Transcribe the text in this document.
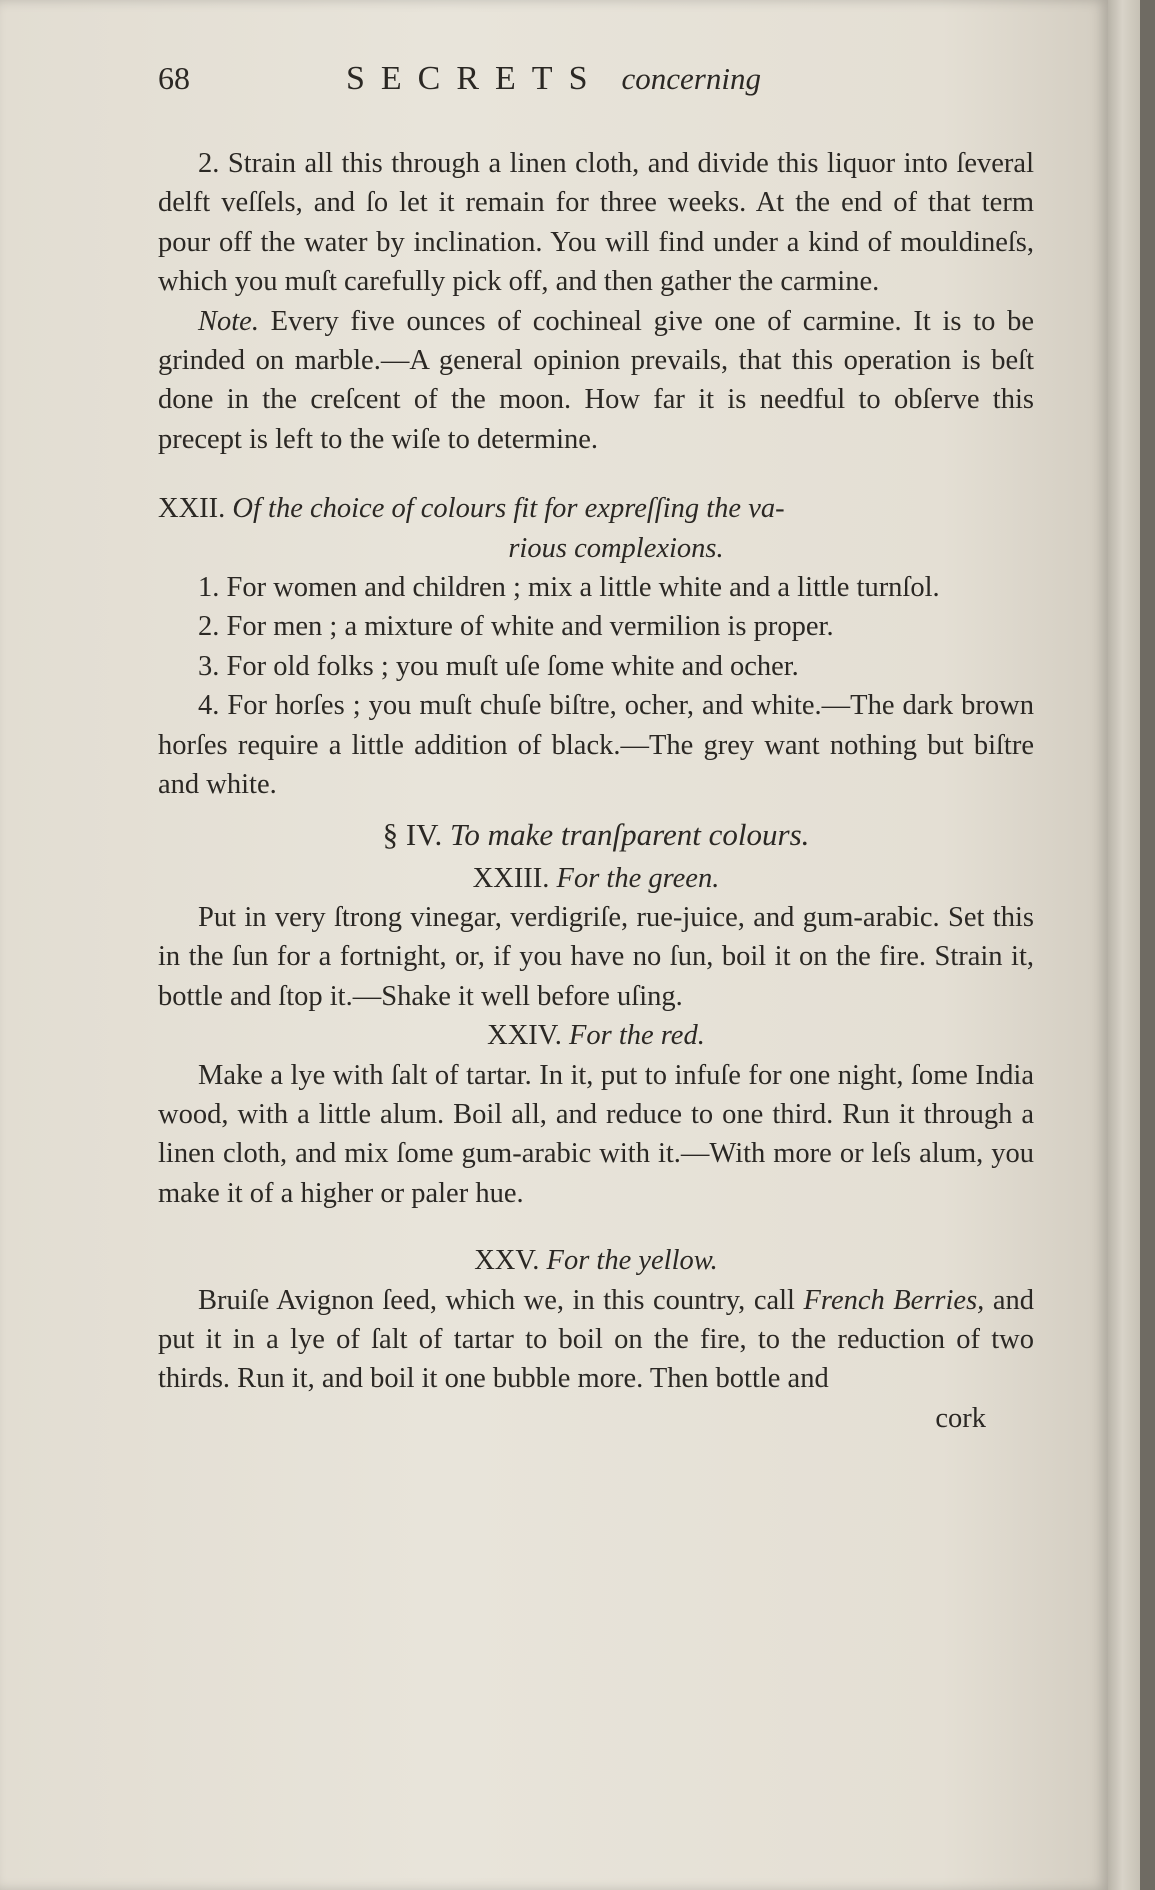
68	SECRETS concerning

2. Strain all this through a linen cloth, and divide this liquor into ſeveral delft veſſels, and ſo let it remain for three weeks. At the end of that term pour off the water by inclination. You will find under a kind of mouldineſs, which you muſt carefully pick off, and then gather the carmine.

Note. Every five ounces of cochineal give one of carmine. It is to be grinded on marble.—A general opinion prevails, that this operation is beſt done in the creſcent of the moon. How far it is needful to obſerve this precept is left to the wiſe to determine.

XXII. Of the choice of colours fit for expreſſing the va-

rious complexions.

1. For women and children ; mix a little white and a little turnſol.

2. For men ; a mixture of white and vermilion is proper.

3. For old folks ; you muſt uſe ſome white and ocher.

4. For horſes ; you muſt chuſe biſtre, ocher, and white.—The dark brown horſes require a little addition of black.—The grey want nothing but biſtre and white.

§ IV. To make tranſparent colours.

XXIII. For the green.

Put in very ſtrong vinegar, verdigriſe, rue-juice, and gum-arabic. Set this in the ſun for a fortnight, or, if you have no ſun, boil it on the fire. Strain it, bottle and ſtop it.—Shake it well before uſing.

XXIV. For the red.

Make a lye with ſalt of tartar. In it, put to infuſe for one night, ſome India wood, with a little alum. Boil all, and reduce to one third. Run it through a linen cloth, and mix ſome gum-arabic with it.—With more or leſs alum, you make it of a higher or paler hue.

XXV. For the yellow.

Bruiſe Avignon ſeed, which we, in this country, call French Berries, and put it in a lye of ſalt of tartar to boil on the fire, to the reduction of two thirds. Run it, and boil it one bubble more. Then bottle and

cork
